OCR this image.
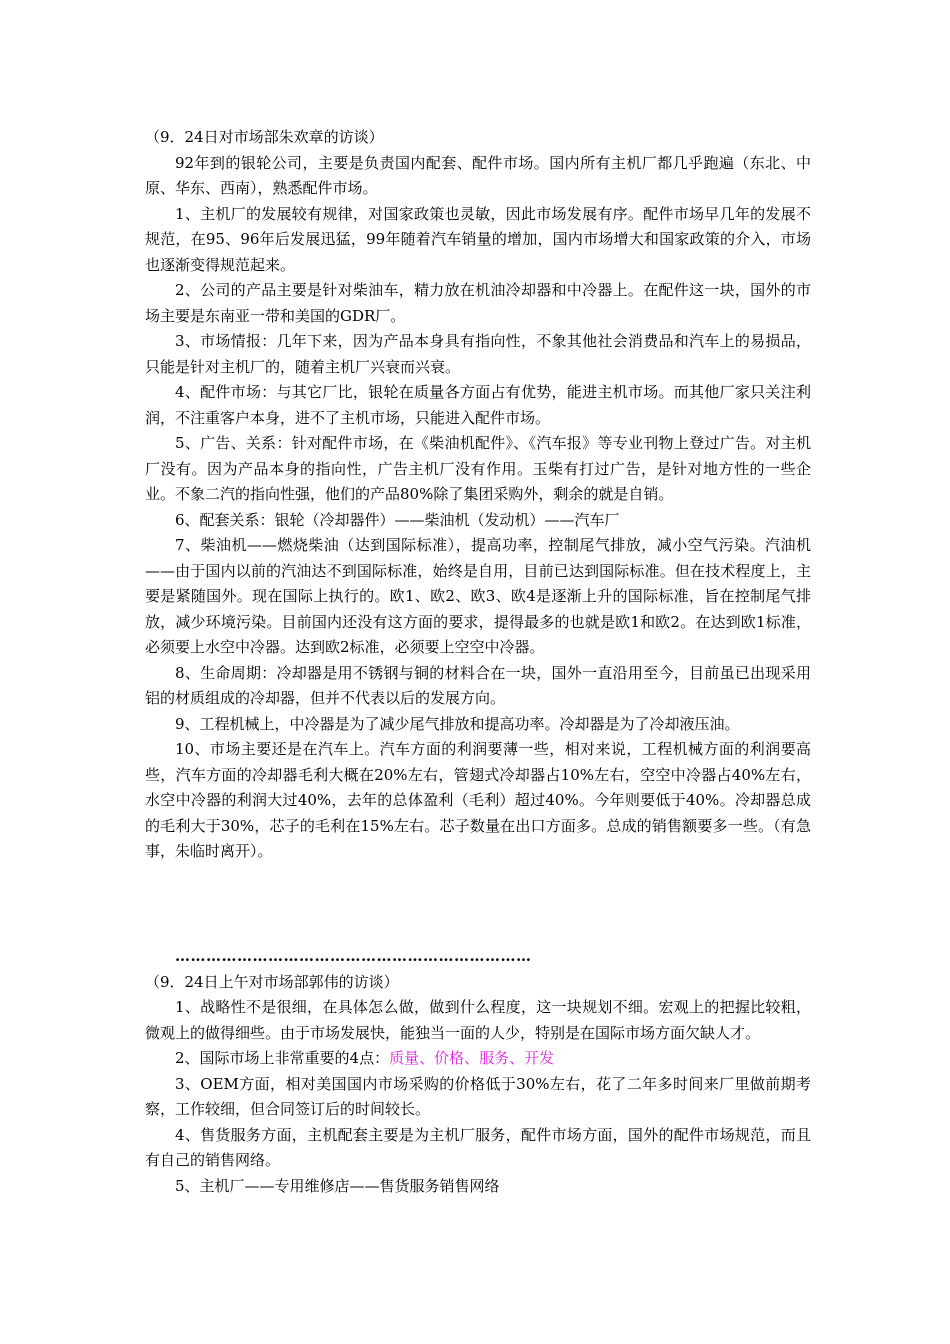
（9．24日对市场部朱欢章的访谈）

92年到的银轮公司，主要是负责国内配套、配件市场。国内所有主机厂都几乎跑遍（东北、中原、华东、西南），熟悉配件市场。

1、主机厂的发展较有规律，对国家政策也灵敏，因此市场发展有序。配件市场早几年的发展不规范，在95、96年后发展迅猛，99年随着汽车销量的增加，国内市场增大和国家政策的介入，市场也逐渐变得规范起来。

2、公司的产品主要是针对柴油车，精力放在机油冷却器和中冷器上。在配件这一块，国外的市场主要是东南亚一带和美国的GDR厂。

3、市场情报：几年下来，因为产品本身具有指向性，不象其他社会消费品和汽车上的易损品，只能是针对主机厂的，随着主机厂兴衰而兴衰。

4、配件市场：与其它厂比，银轮在质量各方面占有优势，能进主机市场。而其他厂家只关注利润，不注重客户本身，进不了主机市场，只能进入配件市场。

5、广告、关系：针对配件市场，在《柴油机配件》、《汽车报》等专业刊物上登过广告。对主机厂没有。因为产品本身的指向性，广告主机厂没有作用。玉柴有打过广告，是针对地方性的一些企业。不象二汽的指向性强，他们的产品80%除了集团采购外，剩余的就是自销。

6、配套关系：银轮（冷却器件）——柴油机（发动机）——汽车厂

7、柴油机——燃烧柴油（达到国际标准），提高功率，控制尾气排放，减小空气污染。汽油机——由于国内以前的汽油达不到国际标准，始终是自用，目前已达到国际标准。但在技术程度上，主要是紧随国外。现在国际上执行的。欧1、欧2、欧3、欧4是逐渐上升的国际标准，旨在控制尾气排放，减少环境污染。目前国内还没有这方面的要求，提得最多的也就是欧1和欧2。在达到欧1标准，必须要上水空中冷器。达到欧2标准，必须要上空空中冷器。

8、生命周期：冷却器是用不锈钢与铜的材料合在一块，国外一直沿用至今，目前虽已出现采用铝的材质组成的冷却器，但并不代表以后的发展方向。

9、工程机械上，中冷器是为了减少尾气排放和提高功率。冷却器是为了冷却液压油。

10、市场主要还是在汽车上。汽车方面的利润要薄一些，相对来说，工程机械方面的利润要高些，汽车方面的冷却器毛利大概在20%左右，管翅式冷却器占10%左右，空空中冷器占40%左右，水空中冷器的利润大过40%，去年的总体盈利（毛利）超过40%。今年则要低于40%。冷却器总成的毛利大于30%，芯子的毛利在15%左右。芯子数量在出口方面多。总成的销售额要多一些。（有急事，朱临时离开）。

……………………………………………………………

（9．24日上午对市场部郭伟的访谈）

1、战略性不是很细，在具体怎么做，做到什么程度，这一块规划不细。宏观上的把握比较粗，微观上的做得细些。由于市场发展快，能独当一面的人少，特别是在国际市场方面欠缺人才。

2、国际市场上非常重要的4点：质量、价格、服务、开发

3、OEM方面，相对美国国内市场采购的价格低于30%左右，花了二年多时间来厂里做前期考察，工作较细，但合同签订后的时间较长。

4、售货服务方面，主机配套主要是为主机厂服务，配件市场方面，国外的配件市场规范，而且有自己的销售网络。

5、主机厂——专用维修店——售货服务销售网络
